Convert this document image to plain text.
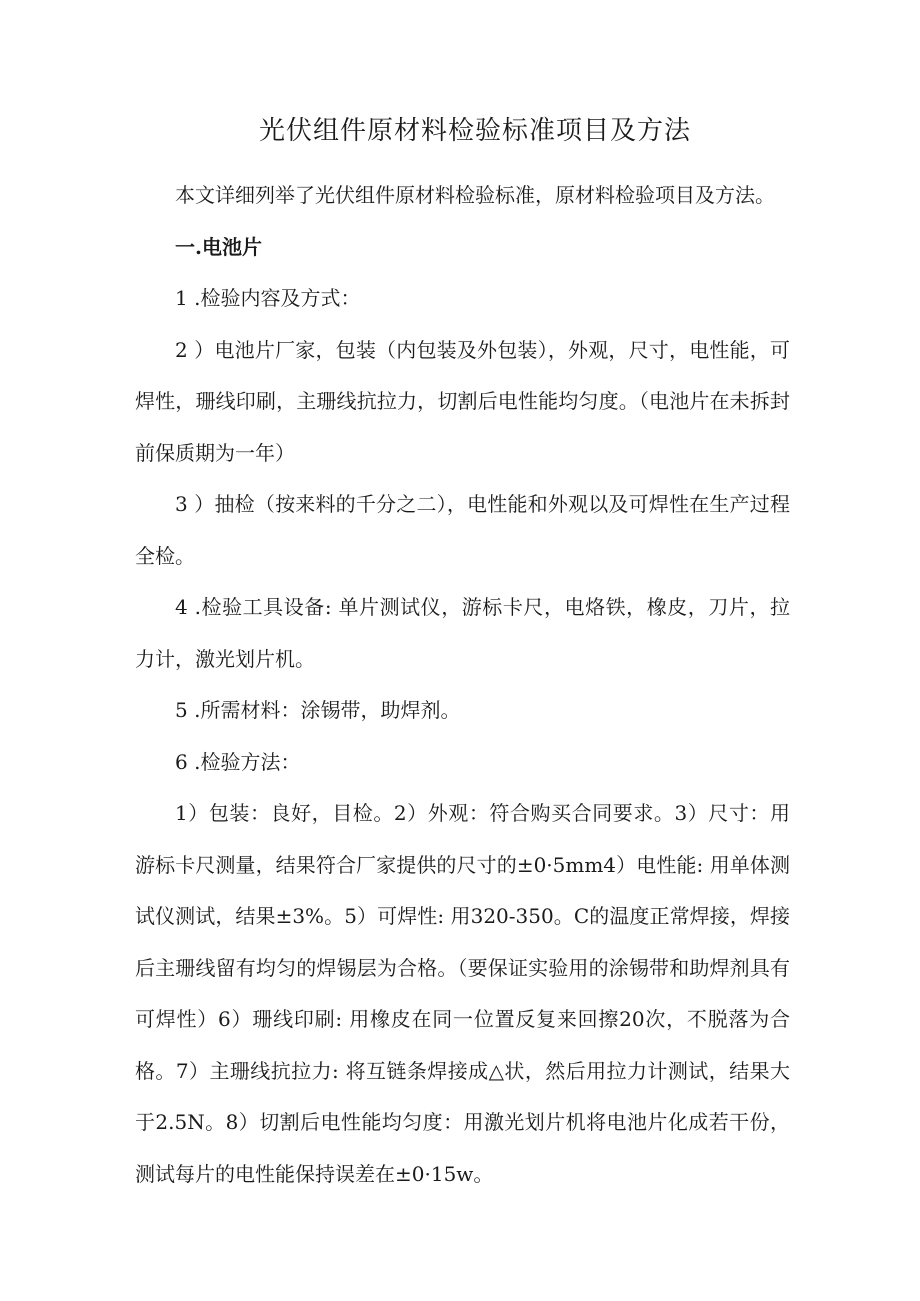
光伏组件原材料检验标准项目及方法

本文详细列举了光伏组件原材料检验标准，原材料检验项目及方法。

一.电池片

1 .检验内容及方式：

2 ）电池片厂家，包装（内包装及外包装），外观，尺寸，电性能，可焊性，珊线印刷，主珊线抗拉力，切割后电性能均匀度。（电池片在未拆封前保质期为一年）

3 ）抽检（按来料的千分之二），电性能和外观以及可焊性在生产过程全检。

4 .检验工具设备: 单片测试仪，游标卡尺，电烙铁，橡皮，刀片，拉力计，激光划片机。

5 .所需材料：涂锡带，助焊剂。

6 .检验方法：

1）包装：良好，目检。2）外观：符合购买合同要求。3）尺寸：用游标卡尺测量，结果符合厂家提供的尺寸的±0·5mm4）电性能: 用单体测试仪测试，结果±3%。5）可焊性: 用320-350。C的温度正常焊接，焊接后主珊线留有均匀的焊锡层为合格。（要保证实验用的涂锡带和助焊剂具有可焊性）6）珊线印刷: 用橡皮在同一位置反复来回擦20次，不脱落为合格。7）主珊线抗拉力: 将互链条焊接成△状，然后用拉力计测试，结果大于2.5N。8）切割后电性能均匀度：用激光划片机将电池片化成若干份，测试每片的电性能保持误差在±0·15w。
